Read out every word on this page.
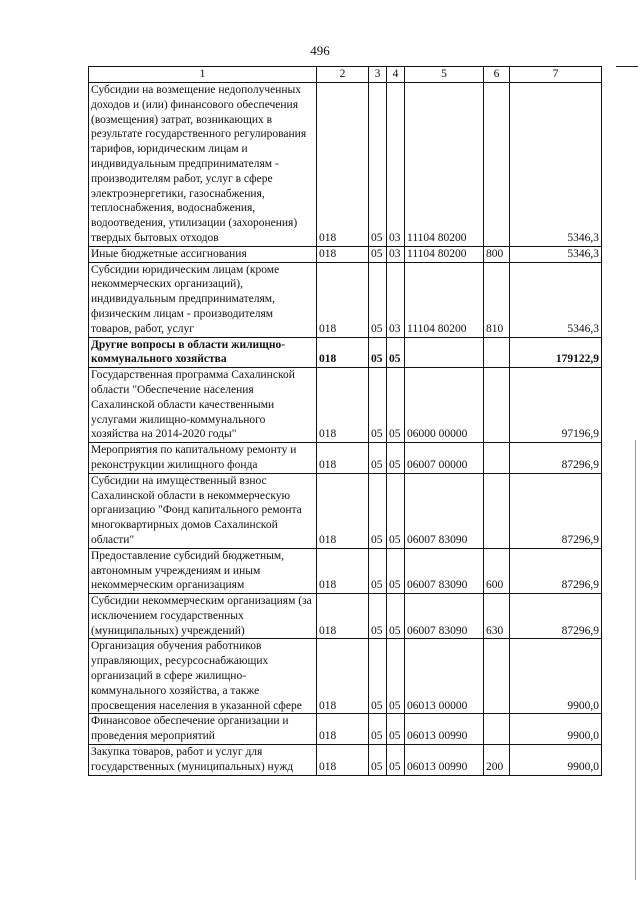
496
1	2	3	4	5	6	7
Субсидии на возмещение недополученных доходов и (или) финансового обеспечения (возмещения) затрат, возникающих в результате государственного регулирования тарифов, юридическим лицам и индивидуальным предпринимателям - производителям работ, услуг в сфере электроэнергетики, газоснабжения, теплоснабжения, водоснабжения, водоотведения, утилизации (захоронения) твердых бытовых отходов	018	05	03	11104 80200		5346,3
Иные бюджетные ассигнования	018	05	03	11104 80200	800	5346,3
Субсидии юридическим лицам (кроме некоммерческих организаций), индивидуальным предпринимателям, физическим лицам - производителям товаров, работ, услуг	018	05	03	11104 80200	810	5346,3
Другие вопросы в области жилищно-коммунального хозяйства	018	05	05			179122,9
Государственная программа Сахалинской области "Обеспечение населения Сахалинской области качественными услугами жилищно-коммунального хозяйства на 2014-2020 годы"	018	05	05	06000 00000		97196,9
Мероприятия по капитальному ремонту и реконструкции жилищного фонда	018	05	05	06007 00000		87296,9
Субсидии на имущественный взнос Сахалинской области в некоммерческую организацию "Фонд капитального ремонта многоквартирных домов Сахалинской области"	018	05	05	06007 83090		87296,9
Предоставление субсидий бюджетным, автономным учреждениям и иным некоммерческим организациям	018	05	05	06007 83090	600	87296,9
Субсидии некоммерческим организациям (за исключением государственных (муниципальных) учреждений)	018	05	05	06007 83090	630	87296,9
Организация обучения работников управляющих, ресурсоснабжающих организаций в сфере жилищно-коммунального хозяйства, а также просвещения населения в указанной сфере	018	05	05	06013 00000		9900,0
Финансовое обеспечение организации и проведения мероприятий	018	05	05	06013 00990		9900,0
Закупка товаров, работ и услуг для государственных (муниципальных) нужд	018	05	05	06013 00990	200	9900,0
